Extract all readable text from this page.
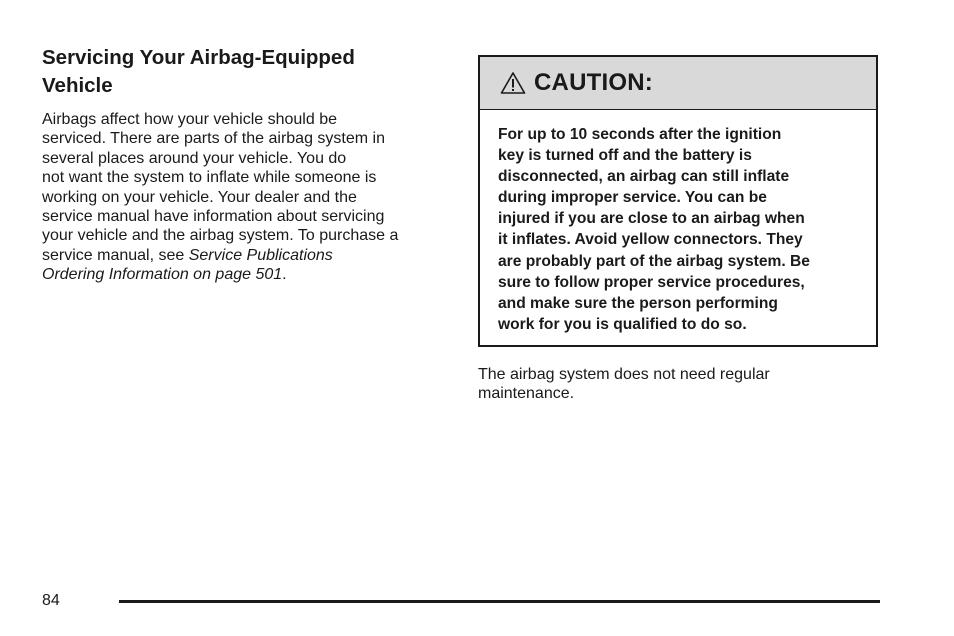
Servicing Your Airbag-Equipped
Vehicle

Airbags affect how your vehicle should be
serviced. There are parts of the airbag system in
several places around your vehicle. You do
not want the system to inflate while someone is
working on your vehicle. Your dealer and the
service manual have information about servicing
your vehicle and the airbag system. To purchase a
service manual, see Service Publications
Ordering Information on page 501.

CAUTION:
For up to 10 seconds after the ignition
key is turned off and the battery is
disconnected, an airbag can still inflate
during improper service. You can be
injured if you are close to an airbag when
it inflates. Avoid yellow connectors. They
are probably part of the airbag system. Be
sure to follow proper service procedures,
and make sure the person performing
work for you is qualified to do so.
The airbag system does not need regular
maintenance.
84
